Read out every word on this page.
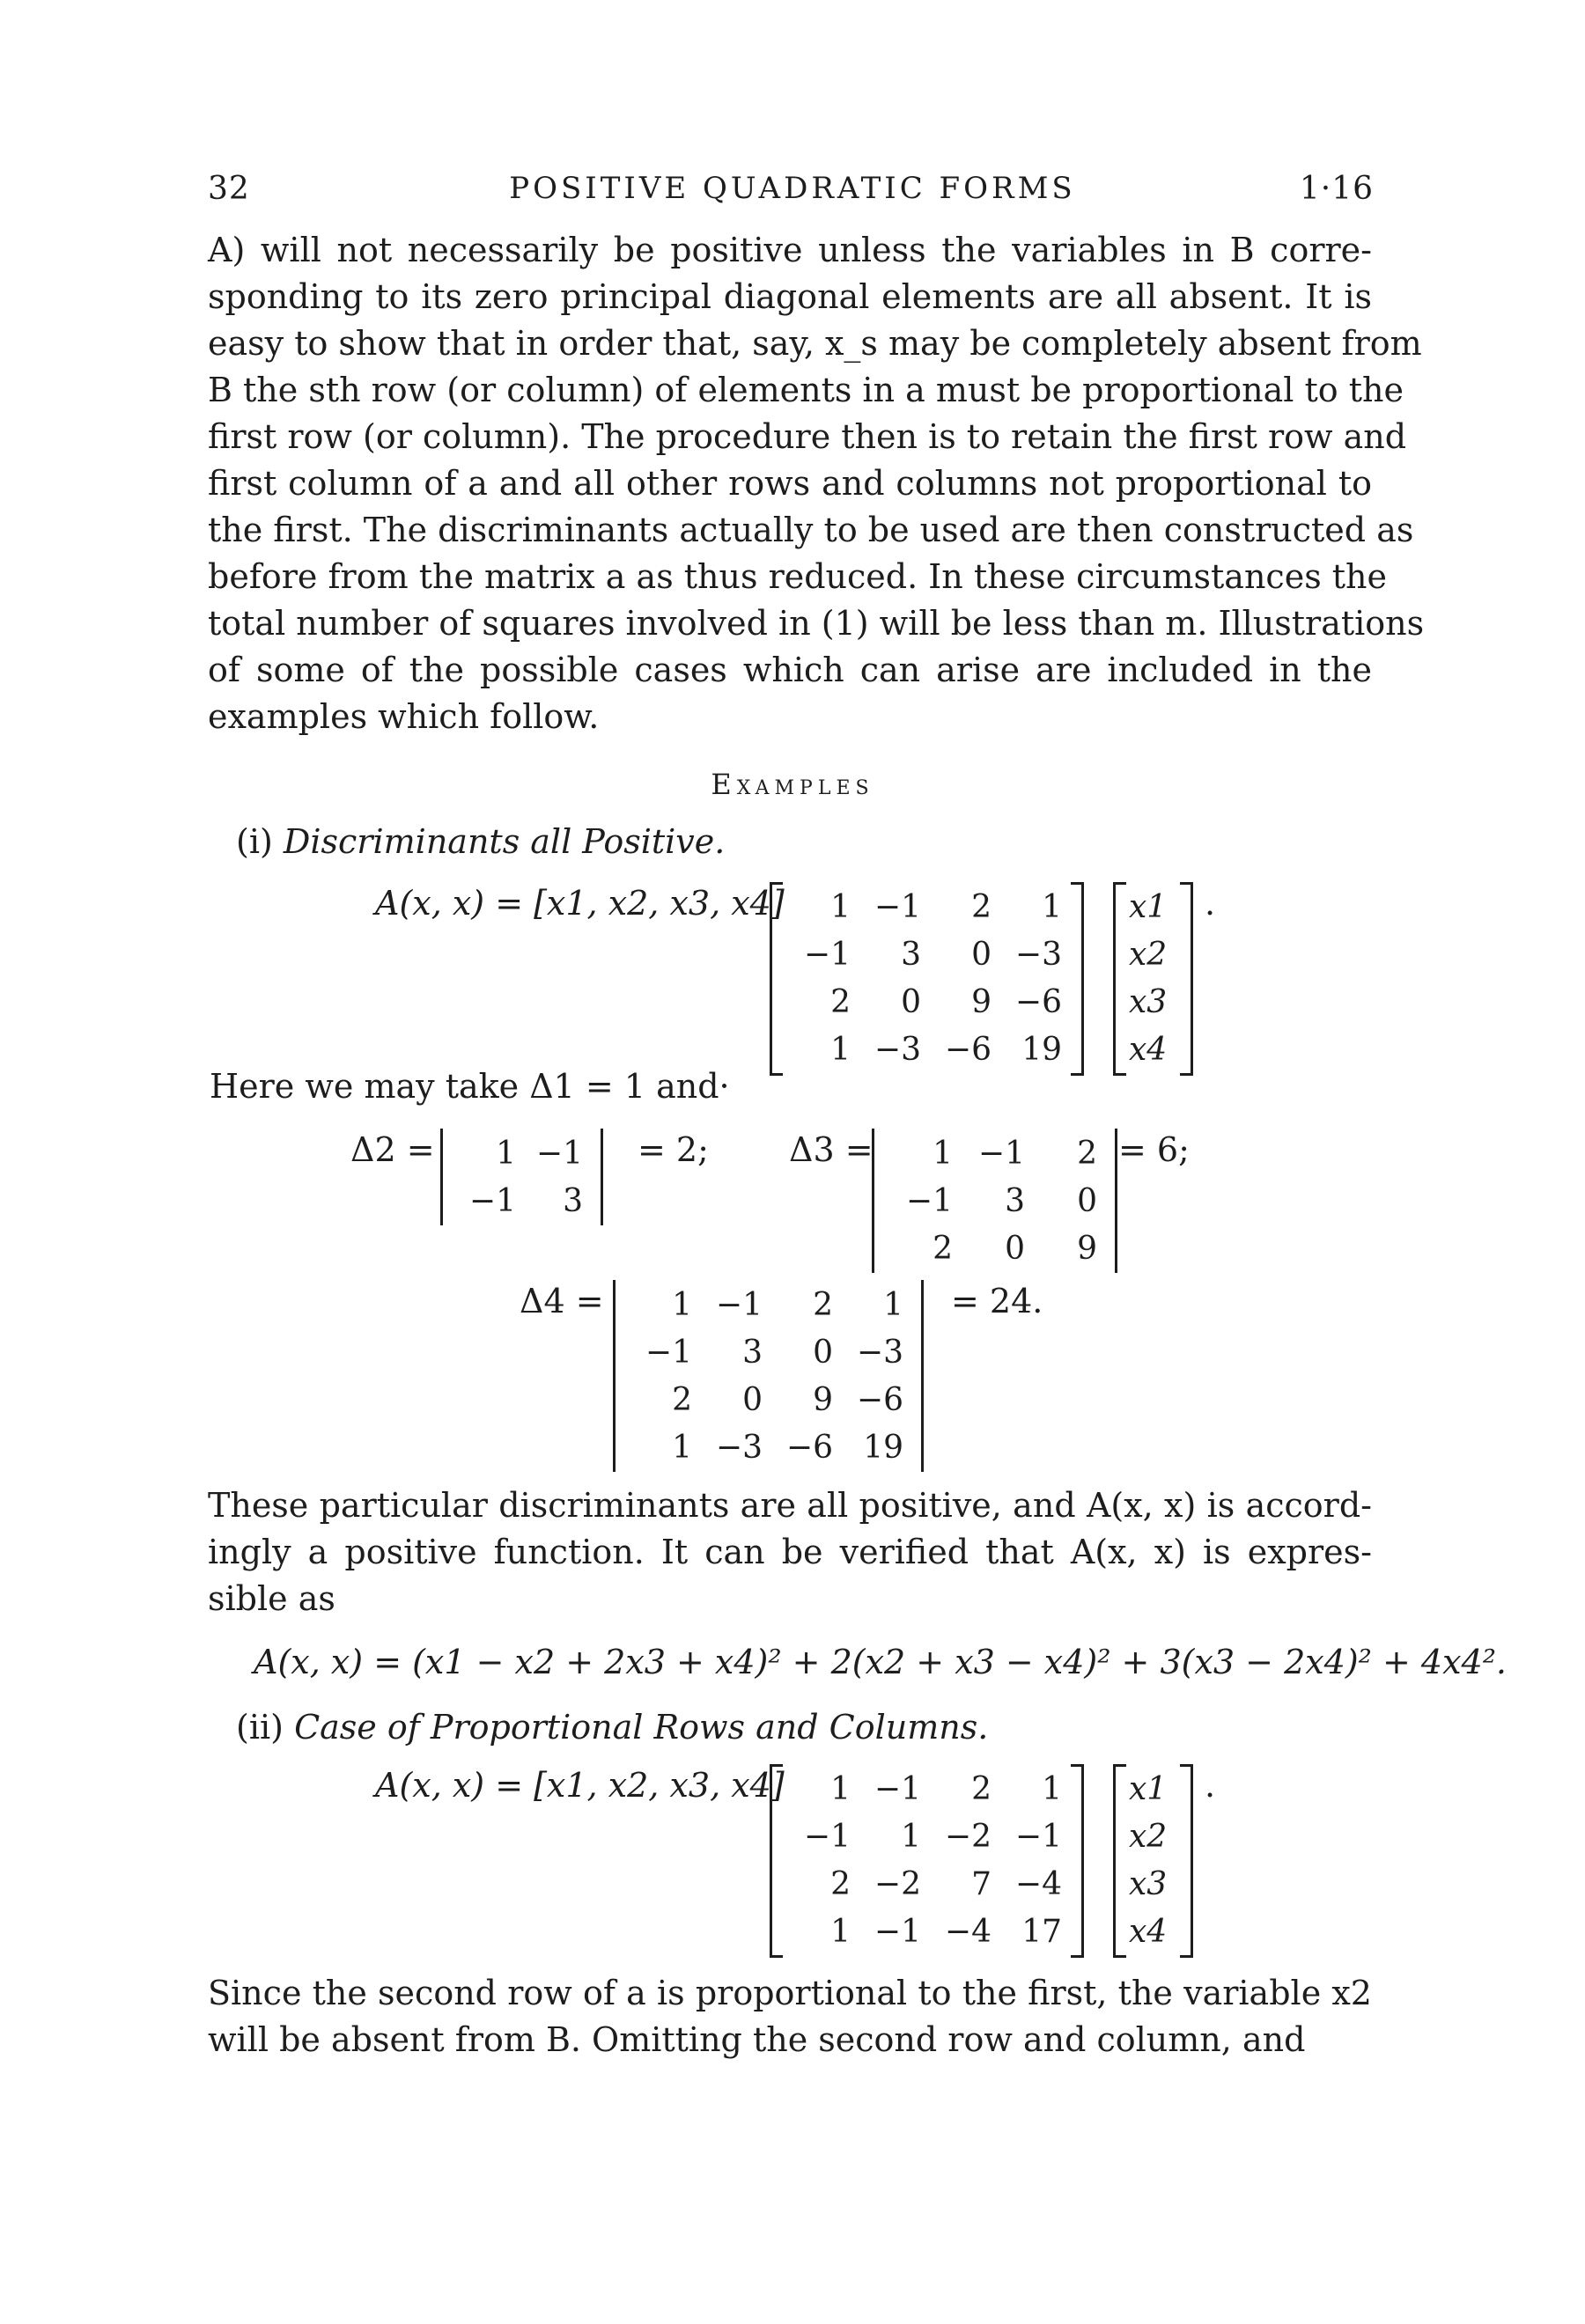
32	POSITIVE QUADRATIC FORMS	1·16
A) will not necessarily be positive unless the variables in B corre-
sponding to its zero principal diagonal elements are all absent. It is
easy to show that in order that, say, x_s may be completely absent from
B the sth row (or column) of elements in a must be proportional to the
first row (or column). The procedure then is to retain the first row and
first column of a and all other rows and columns not proportional to
the first. The discriminants actually to be used are then constructed as
before from the matrix a as thus reduced. In these circumstances the
total number of squares involved in (1) will be less than m. Illustrations
of some of the possible cases which can arise are included in the
examples which follow.
Examples
(i) Discriminants all Positive.
A(x, x) = [x1, x2, x3, x4]	1 −1	2	1
−1	3	0 −3
2	0	9 −6
1 −3 −6 19
x1
x2
x3
x4
.
Here we may take Δ1 = 1 and·
Δ2 =	1 −1
−1	3
= 2; Δ3 =	1 −1	2
−1	3	0
2	0	9
= 6;
Δ4 =	1 −1	2	1
−1	3	0 −3
2	0	9 −6
1 −3 −6 19
= 24.
These particular discriminants are all positive, and A(x, x) is accord-
ingly a positive function. It can be verified that A(x, x) is expres-
sible as
A(x, x) = (x1 − x2 + 2x3 + x4)² + 2(x2 + x3 − x4)² + 3(x3 − 2x4)² + 4x4².
(ii) Case of Proportional Rows and Columns.
A(x, x) = [x1, x2, x3, x4]	1 −1	2	1
−1	1 −2 −1
2 −2	7 −4
1 −1 −4 17
x1
x2
x3
x4
.
Since the second row of a is proportional to the first, the variable x2
will be absent from B. Omitting the second row and column, and
